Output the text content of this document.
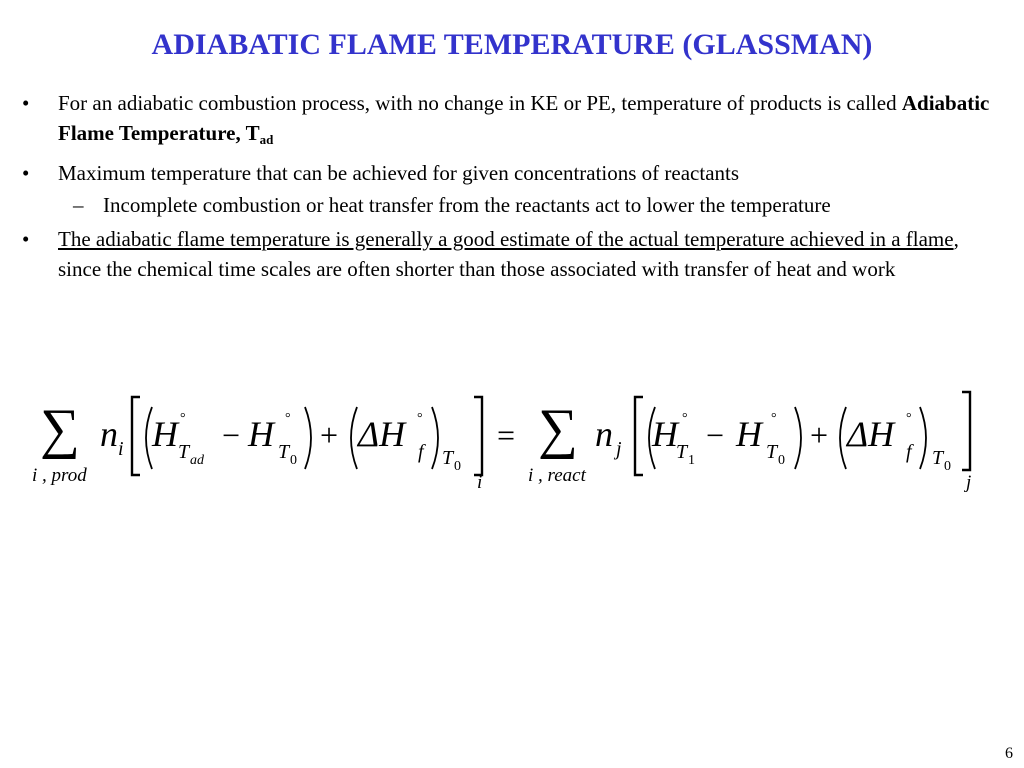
ADIABATIC FLAME TEMPERATURE (GLASSMAN)
• For an adiabatic combustion process, with no change in KE or PE, temperature of products is called Adiabatic Flame Temperature, $T_{ad}$
• Maximum temperature that can be achieved for given concentrations of reactants
– Incomplete combustion or heat transfer from the reactants act to lower the temperature
• The adiabatic flame temperature is generally a good estimate of the actual temperature achieved in a flame, since the chemical time scales are often shorter than those associated with transfer of heat and work
∑
i , prod
n i H °
T ad
− H °
T 0
+ ΔH °
f T 0
i
= ∑
i , react
n j H °
T 1
− H °
T 0
+ ΔH °
f T 0
j
6
